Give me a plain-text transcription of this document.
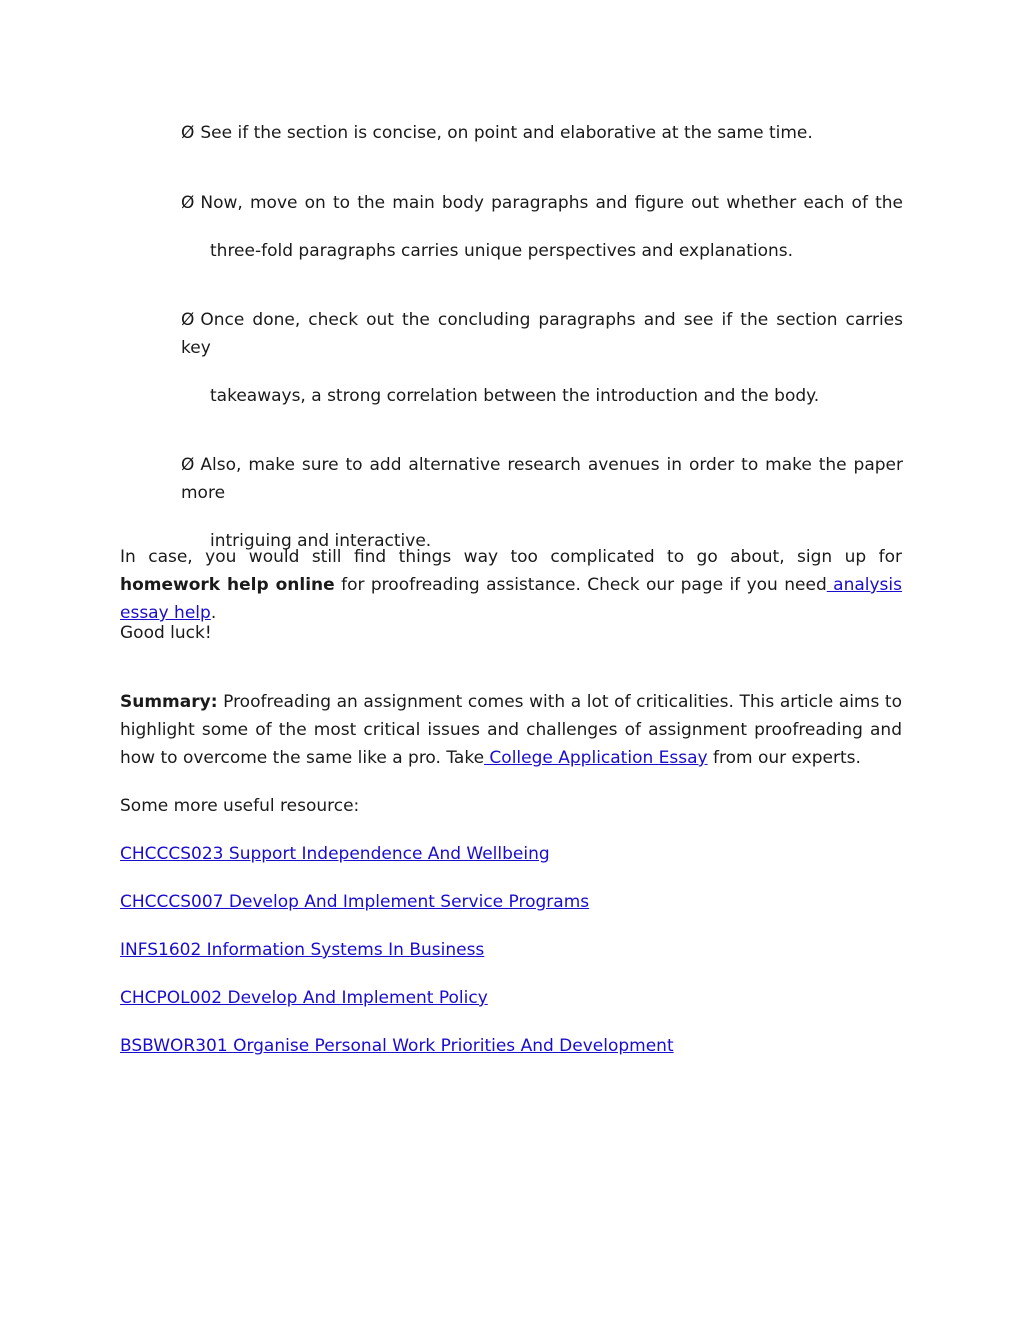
Ø See if the section is concise, on point and elaborative at the same time.

Ø Now, move on to the main body paragraphs and figure out whether each of the
three-fold paragraphs carries unique perspectives and explanations.

Ø Once done, check out the concluding paragraphs and see if the section carries key
takeaways, a strong correlation between the introduction and the body.

Ø Also, make sure to add alternative research avenues in order to make the paper more
intriguing and interactive.

In case, you would still find things way too complicated to go about, sign up for homework help online for proofreading assistance. Check our page if you need analysis essay help.

Good luck!

Summary: Proofreading an assignment comes with a lot of criticalities. This article aims to highlight some of the most critical issues and challenges of assignment proofreading and how to overcome the same like a pro. Take College Application Essay from our experts.

Some more useful resource:

CHCCCS023 Support Independence And Wellbeing
CHCCCS007 Develop And Implement Service Programs
INFS1602 Information Systems In Business
CHCPOL002 Develop And Implement Policy
BSBWOR301 Organise Personal Work Priorities And Development
